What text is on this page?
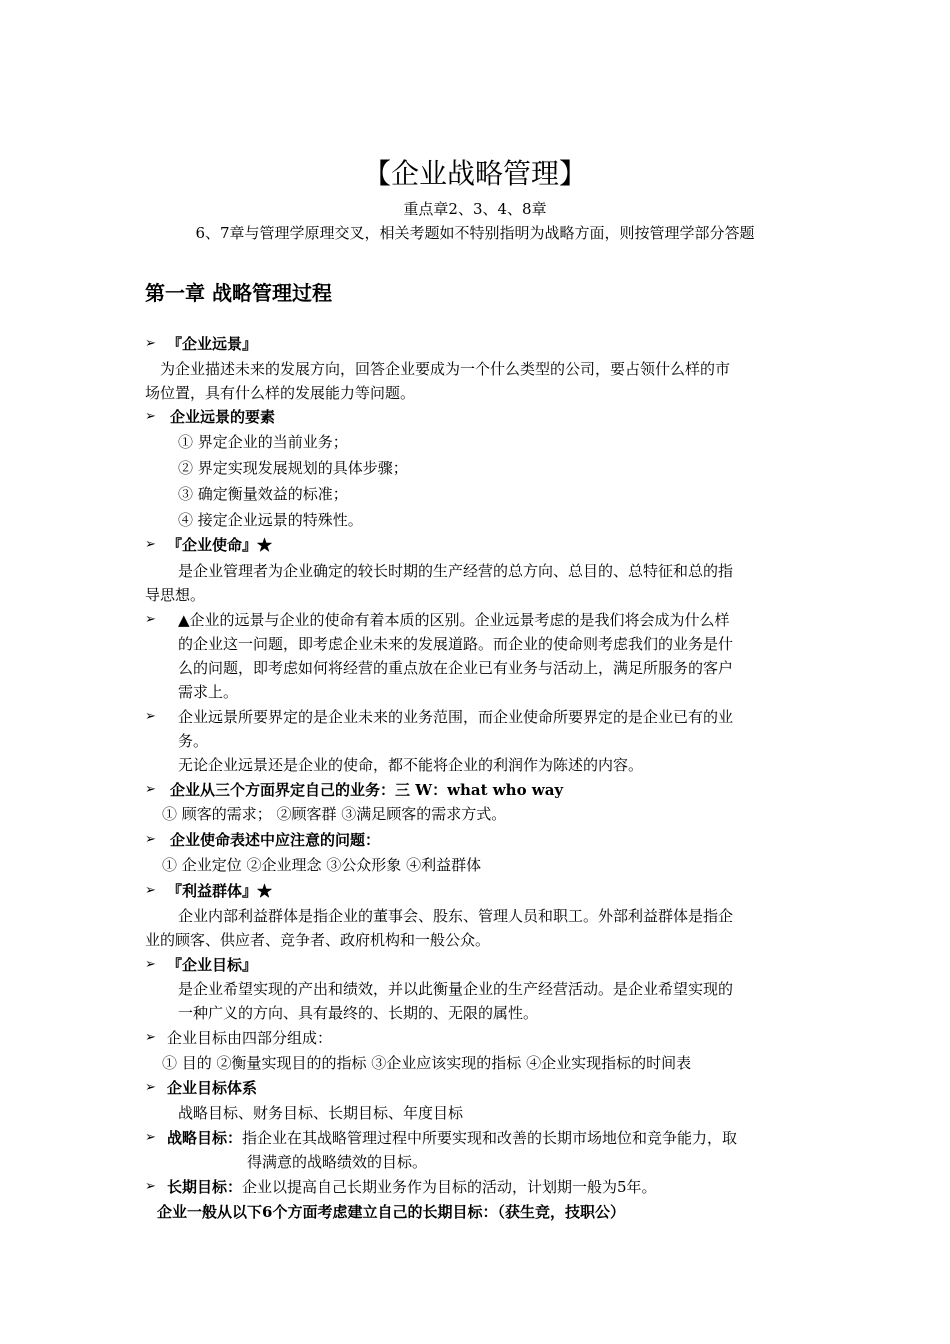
【企业战略管理】
重点章2、3、4、8章
6、7章与管理学原理交叉，相关考题如不特别指明为战略方面，则按管理学部分答题
第一章 战略管理过程
➢ 『企业远景』
为企业描述未来的发展方向，回答企业要成为一个什么类型的公司，要占领什么样的市
场位置，具有什么样的发展能力等问题。
➢ 企业远景的要素
① 界定企业的当前业务；
② 界定实现发展规划的具体步骤；
③ 确定衡量效益的标准；
④ 接定企业远景的特殊性。
➢ 『企业使命』★
是企业管理者为企业确定的较长时期的生产经营的总方向、总目的、总特征和总的指
导思想。
➢ ▲企业的远景与企业的使命有着本质的区别。企业远景考虑的是我们将会成为什么样
的企业这一问题，即考虑企业未来的发展道路。而企业的使命则考虑我们的业务是什
么的问题，即考虑如何将经营的重点放在企业已有业务与活动上，满足所服务的客户
需求上。
➢ 企业远景所要界定的是企业未来的业务范围，而企业使命所要界定的是企业已有的业
务。
无论企业远景还是企业的使命，都不能将企业的利润作为陈述的内容。
➢ 企业从三个方面界定自己的业务：三 W：what who way
① 顾客的需求； ②顾客群 ③满足顾客的需求方式。
➢ 企业使命表述中应注意的问题：
① 企业定位 ②企业理念 ③公众形象 ④利益群体
➢ 『利益群体』★
企业内部利益群体是指企业的董事会、股东、管理人员和职工。外部利益群体是指企
业的顾客、供应者、竞争者、政府机构和一般公众。
➢ 『企业目标』
是企业希望实现的产出和绩效，并以此衡量企业的生产经营活动。是企业希望实现的
一种广义的方向、具有最终的、长期的、无限的属性。
➢ 企业目标由四部分组成：
① 目的 ②衡量实现目的的指标 ③企业应该实现的指标 ④企业实现指标的时间表
➢ 企业目标体系
战略目标、财务目标、长期目标、年度目标
➢ 战略目标：指企业在其战略管理过程中所要实现和改善的长期市场地位和竞争能力，取
得满意的战略绩效的目标。
➢ 长期目标：企业以提高自己长期业务作为目标的活动，计划期一般为5年。
企业一般从以下6个方面考虑建立自己的长期目标：（获生竞，技职公）
